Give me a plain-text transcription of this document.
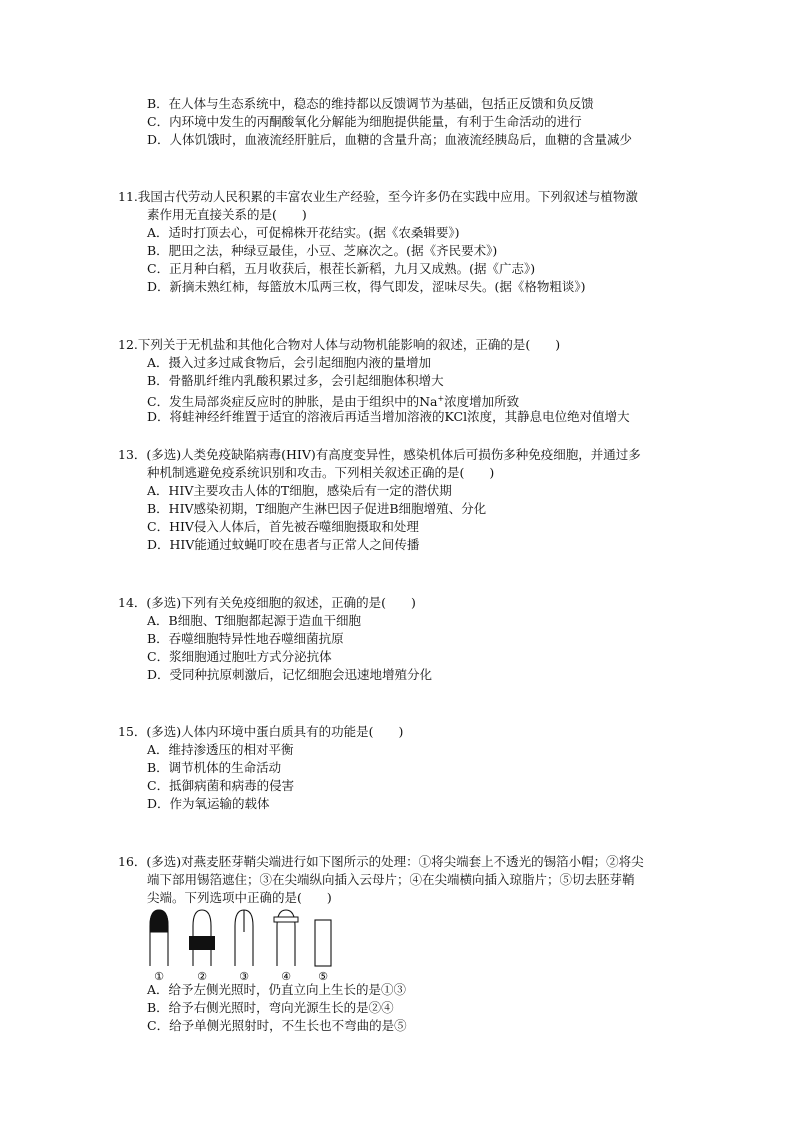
B．在人体与生态系统中，稳态的维持都以反馈调节为基础，包括正反馈和负反馈
C．内环境中发生的丙酮酸氧化分解能为细胞提供能量，有利于生命活动的进行
D．人体饥饿时，血液流经肝脏后，血糖的含量升高；血液流经胰岛后，血糖的含量减少
11.我国古代劳动人民积累的丰富农业生产经验，至今许多仍在实践中应用。下列叙述与植物激
素作用无直接关系的是(　　)
A．适时打顶去心，可促棉株开花结实。(据《农桑辑要》)
B．肥田之法，种绿豆最佳，小豆、芝麻次之。(据《齐民要术》)
C．正月种白稻，五月收获后，根茬长新稻，九月又成熟。(据《广志》)
D．新摘未熟红柿，每篮放木瓜两三枚，得气即发，涩味尽失。(据《格物粗谈》)
12.下列关于无机盐和其他化合物对人体与动物机能影响的叙述，正确的是(　　)
A．摄入过多过咸食物后，会引起细胞内液的量增加
B．骨骼肌纤维内乳酸积累过多，会引起细胞体积增大
C．发生局部炎症反应时的肿胀，是由于组织中的Na+浓度增加所致
D．将蛙神经纤维置于适宜的溶液后再适当增加溶液的KCl浓度，其静息电位绝对值增大
13．(多选)人类免疫缺陷病毒(HIV)有高度变异性，感染机体后可损伤多种免疫细胞，并通过多
种机制逃避免疫系统识别和攻击。下列相关叙述正确的是(　　)
A．HIV主要攻击人体的T细胞，感染后有一定的潜伏期
B．HIV感染初期，T细胞产生淋巴因子促进B细胞增殖、分化
C．HIV侵入人体后，首先被吞噬细胞摄取和处理
D．HIV能通过蚊蝇叮咬在患者与正常人之间传播
14．(多选)下列有关免疫细胞的叙述，正确的是(　　)
A．B细胞、T细胞都起源于造血干细胞
B．吞噬细胞特异性地吞噬细菌抗原
C．浆细胞通过胞吐方式分泌抗体
D．受同种抗原刺激后，记忆细胞会迅速地增殖分化
15．(多选)人体内环境中蛋白质具有的功能是(　　)
A．维持渗透压的相对平衡
B．调节机体的生命活动
C．抵御病菌和病毒的侵害
D．作为氧运输的载体
16．(多选)对燕麦胚芽鞘尖端进行如下图所示的处理：①将尖端套上不透光的锡箔小帽；②将尖
端下部用锡箔遮住；③在尖端纵向插入云母片；④在尖端横向插入琼脂片；⑤切去胚芽鞘
尖端。下列选项中正确的是(　　)
①	②	③	④ ⑤
A．给予左侧光照时，仍直立向上生长的是①③
B．给予右侧光照时，弯向光源生长的是②④
C．给予单侧光照射时，不生长也不弯曲的是⑤
